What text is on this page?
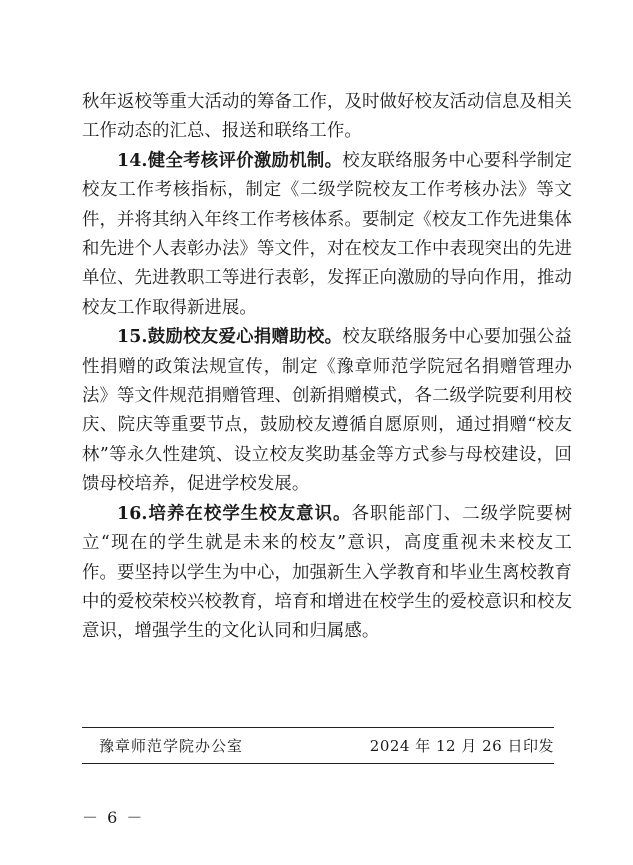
秋年返校等重大活动的筹备工作，及时做好校友活动信息及相关工作动态的汇总、报送和联络工作。

14.健全考核评价激励机制。校友联络服务中心要科学制定校友工作考核指标，制定《二级学院校友工作考核办法》等文件，并将其纳入年终工作考核体系。要制定《校友工作先进集体和先进个人表彰办法》等文件，对在校友工作中表现突出的先进单位、先进教职工等进行表彰，发挥正向激励的导向作用，推动校友工作取得新进展。

15.鼓励校友爱心捐赠助校。校友联络服务中心要加强公益性捐赠的政策法规宣传，制定《豫章师范学院冠名捐赠管理办法》等文件规范捐赠管理、创新捐赠模式，各二级学院要利用校庆、院庆等重要节点，鼓励校友遵循自愿原则，通过捐赠“校友林”等永久性建筑、设立校友奖助基金等方式参与母校建设，回馈母校培养，促进学校发展。

16.培养在校学生校友意识。各职能部门、二级学院要树立“现在的学生就是未来的校友”意识，高度重视未来校友工作。要坚持以学生为中心，加强新生入学教育和毕业生离校教育中的爱校荣校兴校教育，培育和增进在校学生的爱校意识和校友意识，增强学生的文化认同和归属感。

豫章师范学院办公室	2024 年 12 月 26 日印发
－ 6 －
